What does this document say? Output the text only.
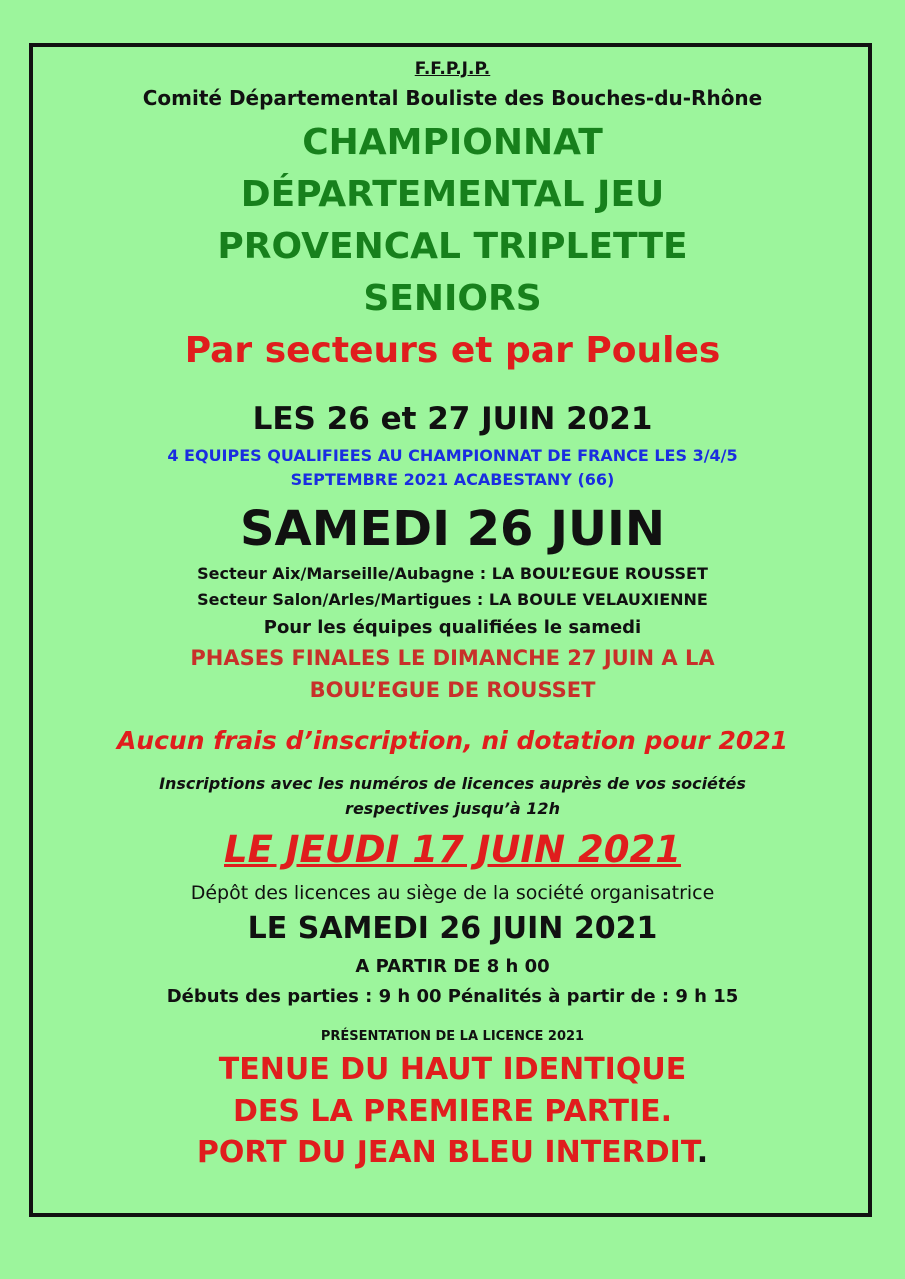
F.F.P.J.P.
Comité Départemental Bouliste des Bouches-du-Rhône
CHAMPIONNAT
DÉPARTEMENTAL JEU
PROVENCAL TRIPLETTE
SENIORS
Par secteurs et par Poules
LES 26 et 27 JUIN 2021
4 EQUIPES QUALIFIEES AU CHAMPIONNAT DE FRANCE LES 3/4/5
SEPTEMBRE 2021 ACABESTANY (66)
SAMEDI 26 JUIN
Secteur Aix/Marseille/Aubagne : LA BOUL’EGUE ROUSSET
Secteur Salon/Arles/Martigues : LA BOULE VELAUXIENNE
Pour les équipes qualifiées le samedi
PHASES FINALES LE DIMANCHE 27 JUIN A LA
BOUL’EGUE DE ROUSSET
Aucun frais d’inscription, ni dotation pour 2021
Inscriptions avec les numéros de licences auprès de vos sociétés
respectives jusqu’à 12h
LE JEUDI 17 JUIN 2021
Dépôt des licences au siège de la société organisatrice
LE SAMEDI 26 JUIN 2021
A PARTIR DE 8 h 00
Débuts des parties : 9 h 00 Pénalités à partir de : 9 h 15
PRÉSENTATION DE LA LICENCE 2021
TENUE DU HAUT IDENTIQUE
DES LA PREMIERE PARTIE.
PORT DU JEAN BLEU INTERDIT.
